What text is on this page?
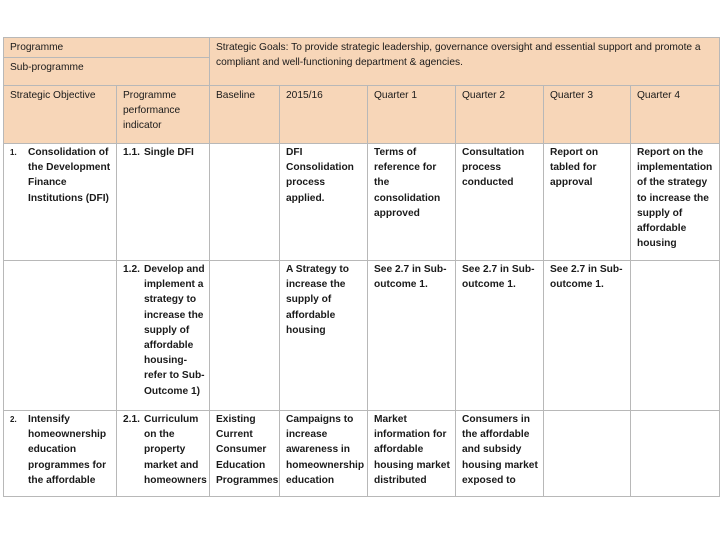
Programme		Strategic Goals: To provide strategic leadership, governance oversight and essential support and promote a compliant and well-functioning department & agencies.					
Sub-programme							
Strategic Objective	Programme performance indicator	Baseline	2015/16	Quarter 1	Quarter 2	Quarter 3	Quarter 4

1. Consolidation of the Development Finance Institutions (DFI)	1.1. Single DFI		DFI Consolidation process applied.	Terms of reference for the consolidation approved	Consultation process conducted	Report on tabled for approval	Report on the implementation of the strategy to increase the supply of affordable housing

	1.2. Develop and implement a strategy to increase the supply of affordable housing- refer to Sub-Outcome 1)		A Strategy to increase the supply of affordable housing	See 2.7 in Sub-outcome 1.	See 2.7 in Sub-outcome 1.	See 2.7 in Sub-outcome 1.	

2. Intensify homeownership education programmes for the affordable	2.1. Curriculum on the property market and homeowners	Existing Current Consumer Education Programmes	Campaigns to increase awareness in homeownership education	Market information for affordable housing market distributed	Consumers in the affordable and subsidy housing market exposed to		
